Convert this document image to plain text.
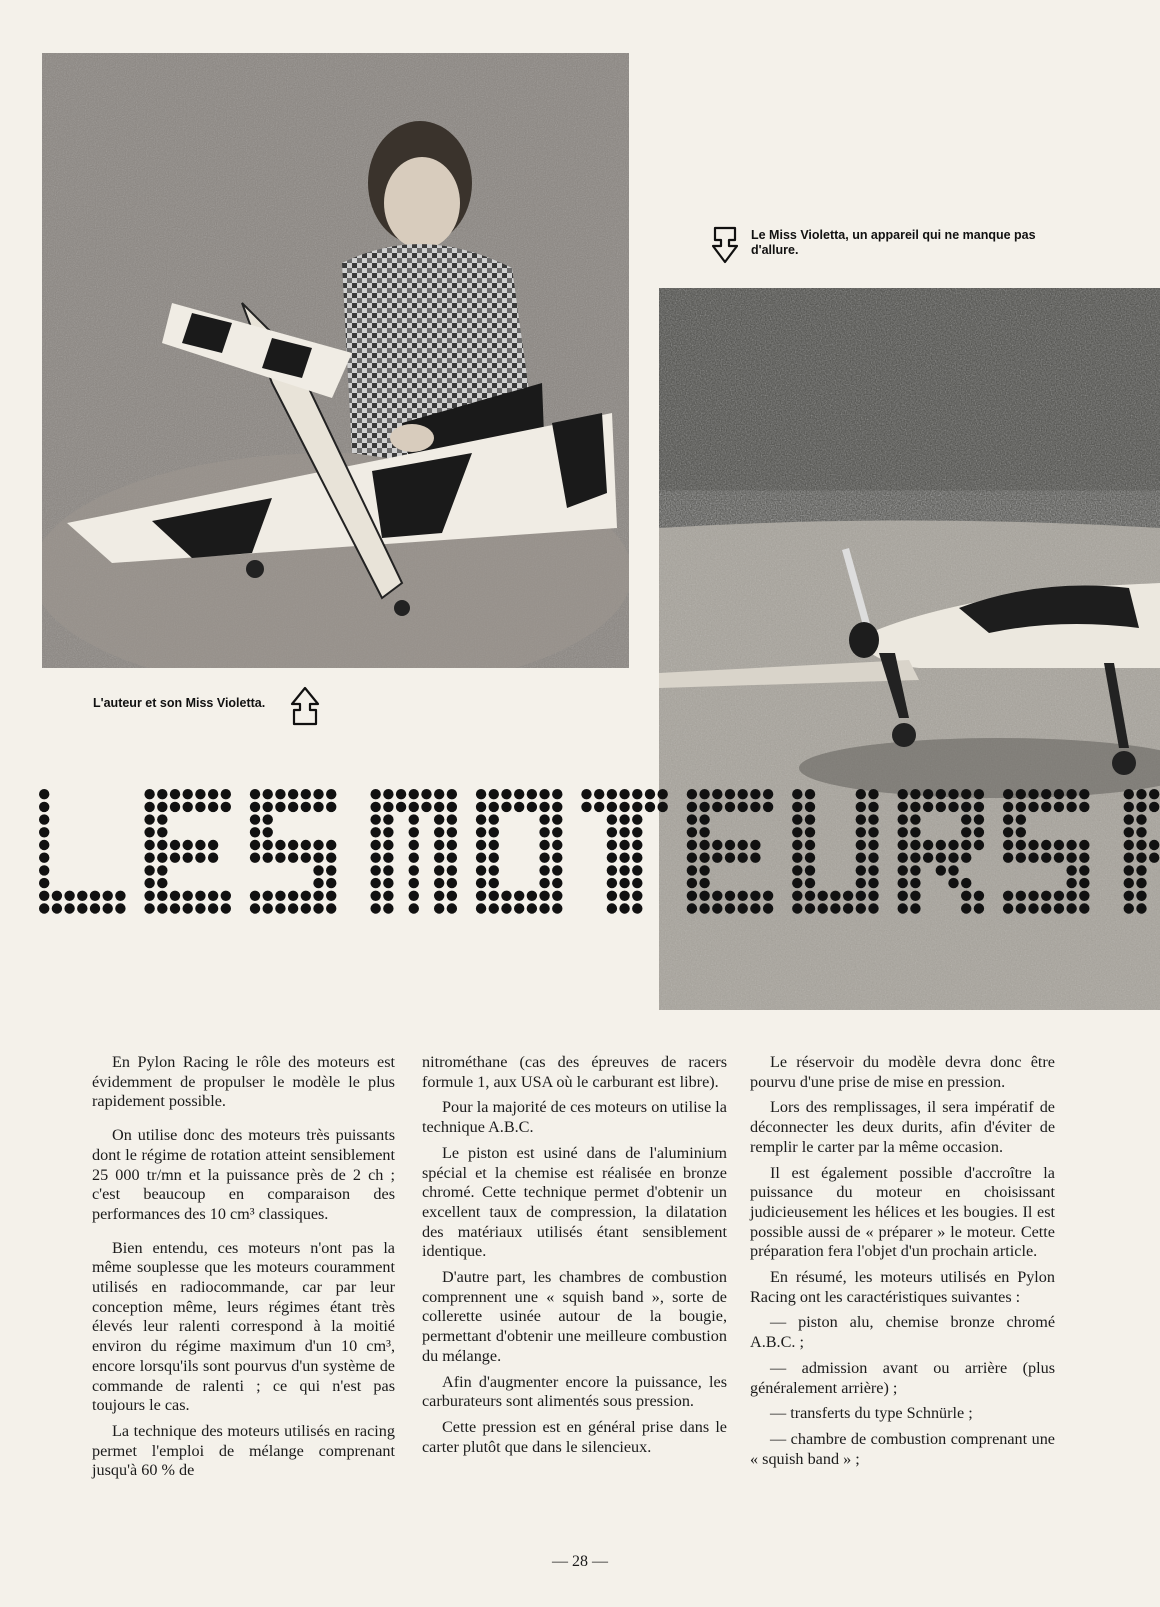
Le Miss Violetta, un appareil qui ne manque pas d'allure.
L'auteur et son Miss Violetta.

En Pylon Racing le rôle des moteurs est évidemment de propulser le modèle le plus rapidement possible.

On utilise donc des moteurs très puissants dont le régime de rotation atteint sensiblement 25 000 tr/mn et la puissance près de 2 ch ; c'est beaucoup en comparaison des performances des 10 cm³ classiques.

Bien entendu, ces moteurs n'ont pas la même souplesse que les moteurs couramment utilisés en radiocommande, car par leur conception même, leurs régimes étant très élevés leur ralenti correspond à la moitié environ du régime maximum d'un 10 cm³, encore lorsqu'ils sont pourvus d'un système de commande de ralenti ; ce qui n'est pas toujours le cas.

La technique des moteurs utilisés en racing permet l'emploi de mélange comprenant jusqu'à 60 % de

nitrométhane (cas des épreuves de racers formule 1, aux USA où le carburant est libre).

Pour la majorité de ces moteurs on utilise la technique A.B.C.

Le piston est usiné dans de l'aluminium spécial et la chemise est réalisée en bronze chromé. Cette technique permet d'obtenir un excellent taux de compression, la dilatation des matériaux utilisés étant sensiblement identique.

D'autre part, les chambres de combustion comprennent une « squish band », sorte de collerette usinée autour de la bougie, permettant d'obtenir une meilleure combustion du mélange.

Afin d'augmenter encore la puissance, les carburateurs sont alimentés sous pression.

Cette pression est en général prise dans le carter plutôt que dans le silencieux.

Le réservoir du modèle devra donc être pourvu d'une prise de mise en pression.

Lors des remplissages, il sera impératif de déconnecter les deux durits, afin d'éviter de remplir le carter par la même occasion.

Il est également possible d'accroître la puissance du moteur en choisissant judicieusement les hélices et les bougies. Il est possible aussi de « préparer » le moteur. Cette préparation fera l'objet d'un prochain article.

En résumé, les moteurs utilisés en Pylon Racing ont les caractéristiques suivantes :

— piston alu, chemise bronze chromé A.B.C. ;

— admission avant ou arrière (plus généralement arrière) ;

— transferts du type Schnürle ;

— chambre de combustion comprenant une « squish band » ;

— 28 —
